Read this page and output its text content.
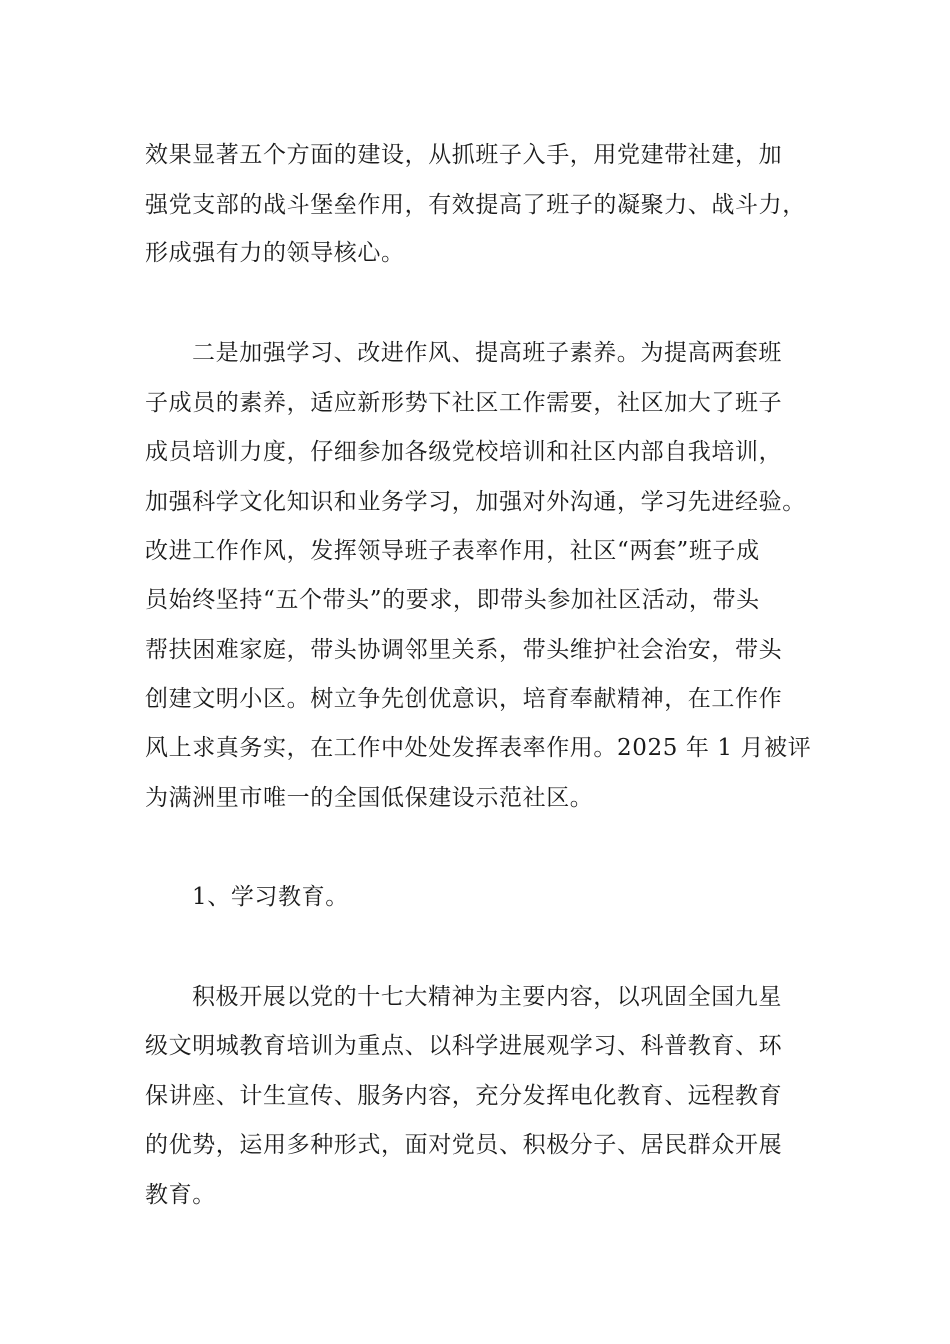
效果显著五个方面的建设，从抓班子入手，用党建带社建，加
强党支部的战斗堡垒作用，有效提高了班子的凝聚力、战斗力，
形成强有力的领导核心。
二是加强学习、改进作风、提高班子素养。为提高两套班
子成员的素养，适应新形势下社区工作需要，社区加大了班子
成员培训力度，仔细参加各级党校培训和社区内部自我培训，
加强科学文化知识和业务学习，加强对外沟通，学习先进经验。
改进工作作风，发挥领导班子表率作用，社区“两套”班子成
员始终坚持“五个带头”的要求，即带头参加社区活动，带头
帮扶困难家庭，带头协调邻里关系，带头维护社会治安，带头
创建文明小区。树立争先创优意识，培育奉献精神，在工作作
风上求真务实，在工作中处处发挥表率作用。2025 年 1 月被评
为满洲里市唯一的全国低保建设示范社区。
1、学习教育。
积极开展以党的十七大精神为主要内容，以巩固全国九星
级文明城教育培训为重点、以科学进展观学习、科普教育、环
保讲座、计生宣传、服务内容，充分发挥电化教育、远程教育
的优势，运用多种形式，面对党员、积极分子、居民群众开展
教育。
